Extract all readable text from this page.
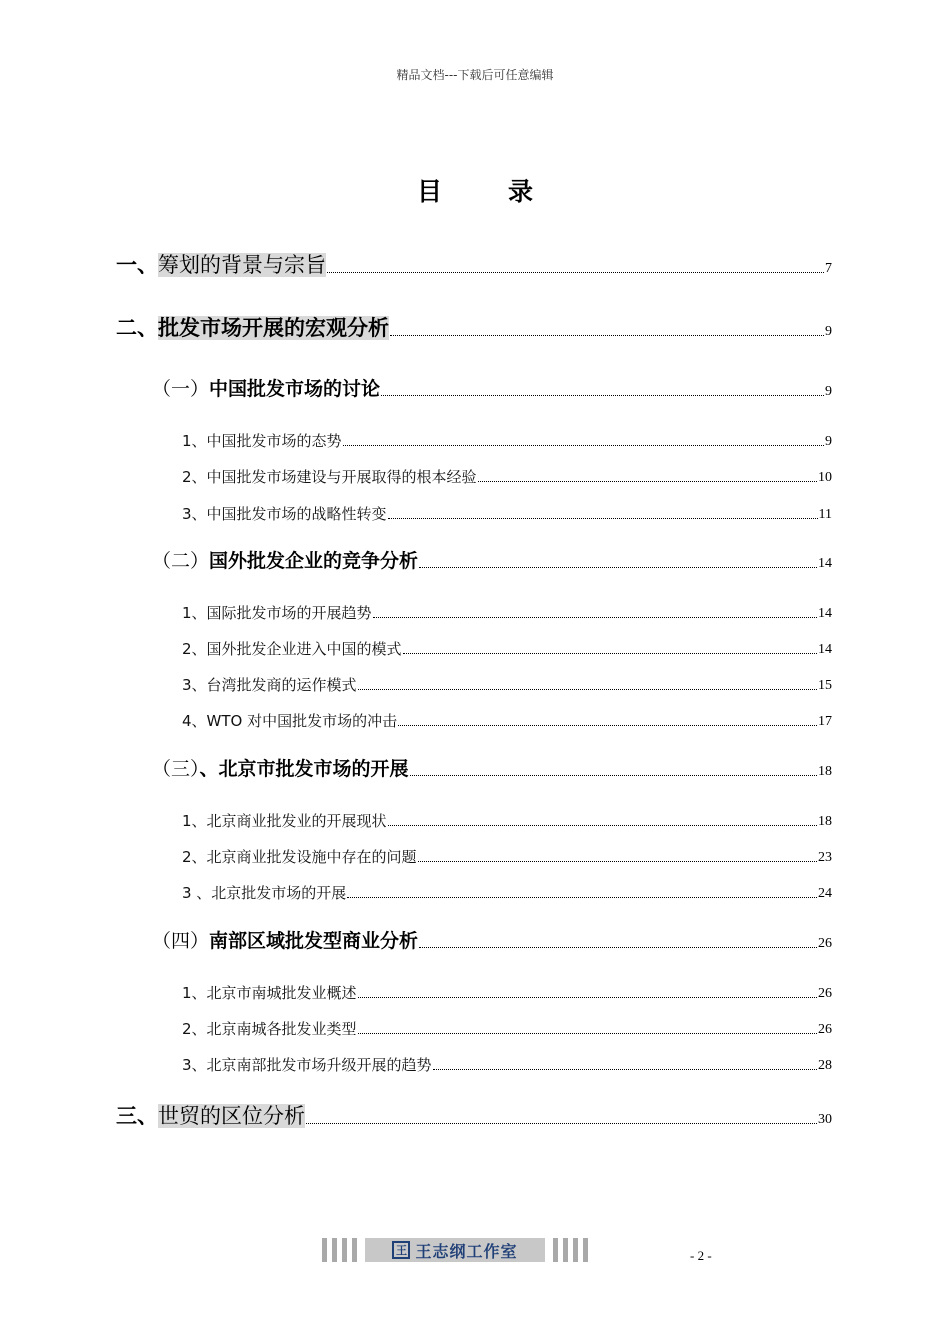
精品文档---下载后可任意编辑
目	录
一、筹划的背景与宗旨	7
二、批发市场开展的宏观分析	9
（一）中国批发市场的讨论	9
1、中国批发市场的态势	9
2、中国批发市场建设与开展取得的根本经验	10
3、中国批发市场的战略性转变	11
（二）国外批发企业的竞争分析	14
1、国际批发市场的开展趋势	14
2、国外批发企业进入中国的模式	14
3、台湾批发商的运作模式	15
4、WTO 对中国批发市场的冲击	17
（三）、北京市批发市场的开展	18
1、北京商业批发业的开展现状	18
2、北京商业批发设施中存在的问题	23
3 、北京批发市场的开展	24
（四）南部区域批发型商业分析	26
1、北京市南城批发业概述	26
2、北京南城各批发业类型	26
3、北京南部批发市场升级开展的趋势	28
三、世贸的区位分析	30
王 王志纲工作室	- 2 -
